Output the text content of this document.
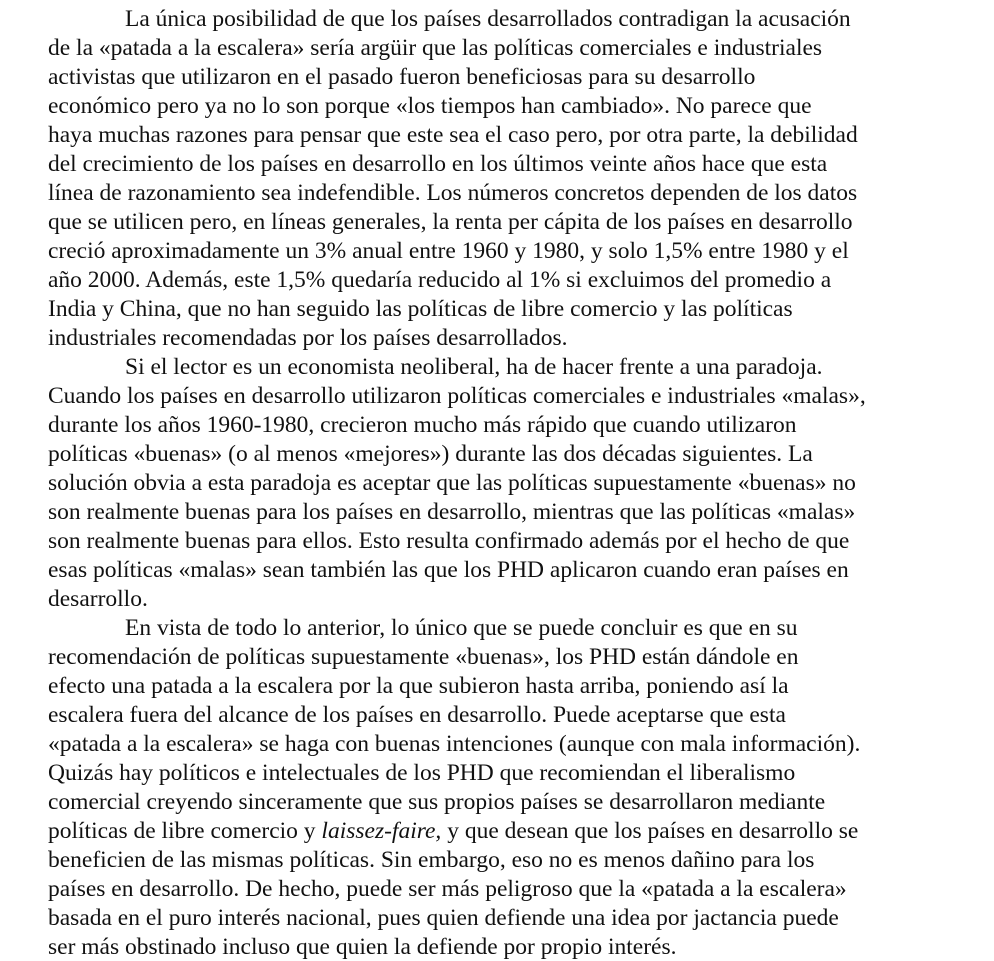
La única posibilidad de que los países desarrollados contradigan la acusación

de la «patada a la escalera» sería argüir que las políticas comerciales e industriales

activistas que utilizaron en el pasado fueron beneficiosas para su desarrollo

económico pero ya no lo son porque «los tiempos han cambiado». No parece que

haya muchas razones para pensar que este sea el caso pero, por otra parte, la debilidad

del crecimiento de los países en desarrollo en los últimos veinte años hace que esta

línea de razonamiento sea indefendible. Los números concretos dependen de los datos

que se utilicen pero, en líneas generales, la renta per cápita de los países en desarrollo

creció aproximadamente un 3% anual entre 1960 y 1980, y solo 1,5% entre 1980 y el

año 2000. Además, este 1,5% quedaría reducido al 1% si excluimos del promedio a

India y China, que no han seguido las políticas de libre comercio y las políticas

industriales recomendadas por los países desarrollados.

Si el lector es un economista neoliberal, ha de hacer frente a una paradoja.

Cuando los países en desarrollo utilizaron políticas comerciales e industriales «malas»,

durante los años 1960-1980, crecieron mucho más rápido que cuando utilizaron

políticas «buenas» (o al menos «mejores») durante las dos décadas siguientes. La

solución obvia a esta paradoja es aceptar que las políticas supuestamente «buenas» no

son realmente buenas para los países en desarrollo, mientras que las políticas «malas»

son realmente buenas para ellos. Esto resulta confirmado además por el hecho de que

esas políticas «malas» sean también las que los PHD aplicaron cuando eran países en

desarrollo.

En vista de todo lo anterior, lo único que se puede concluir es que en su

recomendación de políticas supuestamente «buenas», los PHD están dándole en

efecto una patada a la escalera por la que subieron hasta arriba, poniendo así la

escalera fuera del alcance de los países en desarrollo. Puede aceptarse que esta

«patada a la escalera» se haga con buenas intenciones (aunque con mala información).

Quizás hay políticos e intelectuales de los PHD que recomiendan el liberalismo

comercial creyendo sinceramente que sus propios países se desarrollaron mediante

políticas de libre comercio y laissez-faire, y que desean que los países en desarrollo se

beneficien de las mismas políticas. Sin embargo, eso no es menos dañino para los

países en desarrollo. De hecho, puede ser más peligroso que la «patada a la escalera»

basada en el puro interés nacional, pues quien defiende una idea por jactancia puede

ser más obstinado incluso que quien la defiende por propio interés.
